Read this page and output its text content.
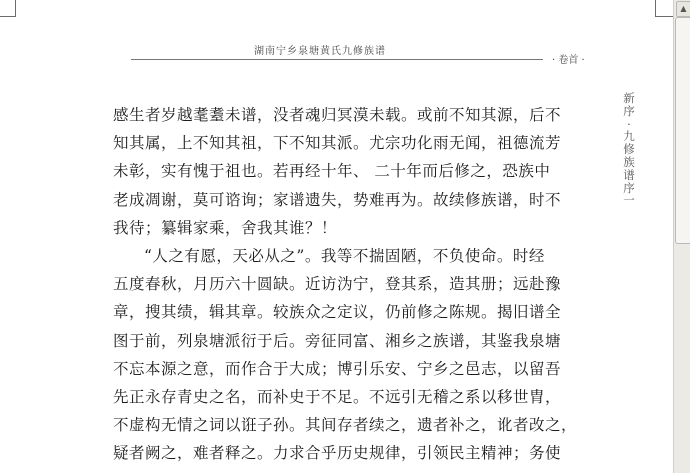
湖南宁乡泉塘黄氏九修族谱
· 卷首 ·
新序 · 九修族谱序一
感生者岁越耄耋未谱，没者魂归冥漠未载。或前不知其源，后不
知其属，上不知其祖，下不知其派。尤宗功化雨无闻，祖德流芳
未彰，实有愧于祖也。若再经十年、 二十年而后修之，恐族中
老成凋谢，莫可谘询；家谱遗失，势难再为。故续修族谱，时不
我待；纂辑家乘，舍我其谁？！
“人之有愿，天必从之”。我等不揣固陋，不负使命。时经
五度春秋，月历六十圆缺。近访沩宁，登其系，造其册；远赴豫
章，搜其绩，辑其章。较族众之定议，仍前修之陈规。揭旧谱全
图于前，列泉塘派衍于后。旁征同富、湘乡之族谱，其鉴我泉塘
不忘本源之意，而作合于大成；博引乐安、宁乡之邑志，以留吾
先正永存青史之名，而补史于不足。不远引无稽之系以移世胄，
不虚构无情之词以诳子孙。其间存者续之，遗者补之，讹者改之，
疑者阙之，难者释之。力求合乎历史规律，引领民主精神；务使
▲
